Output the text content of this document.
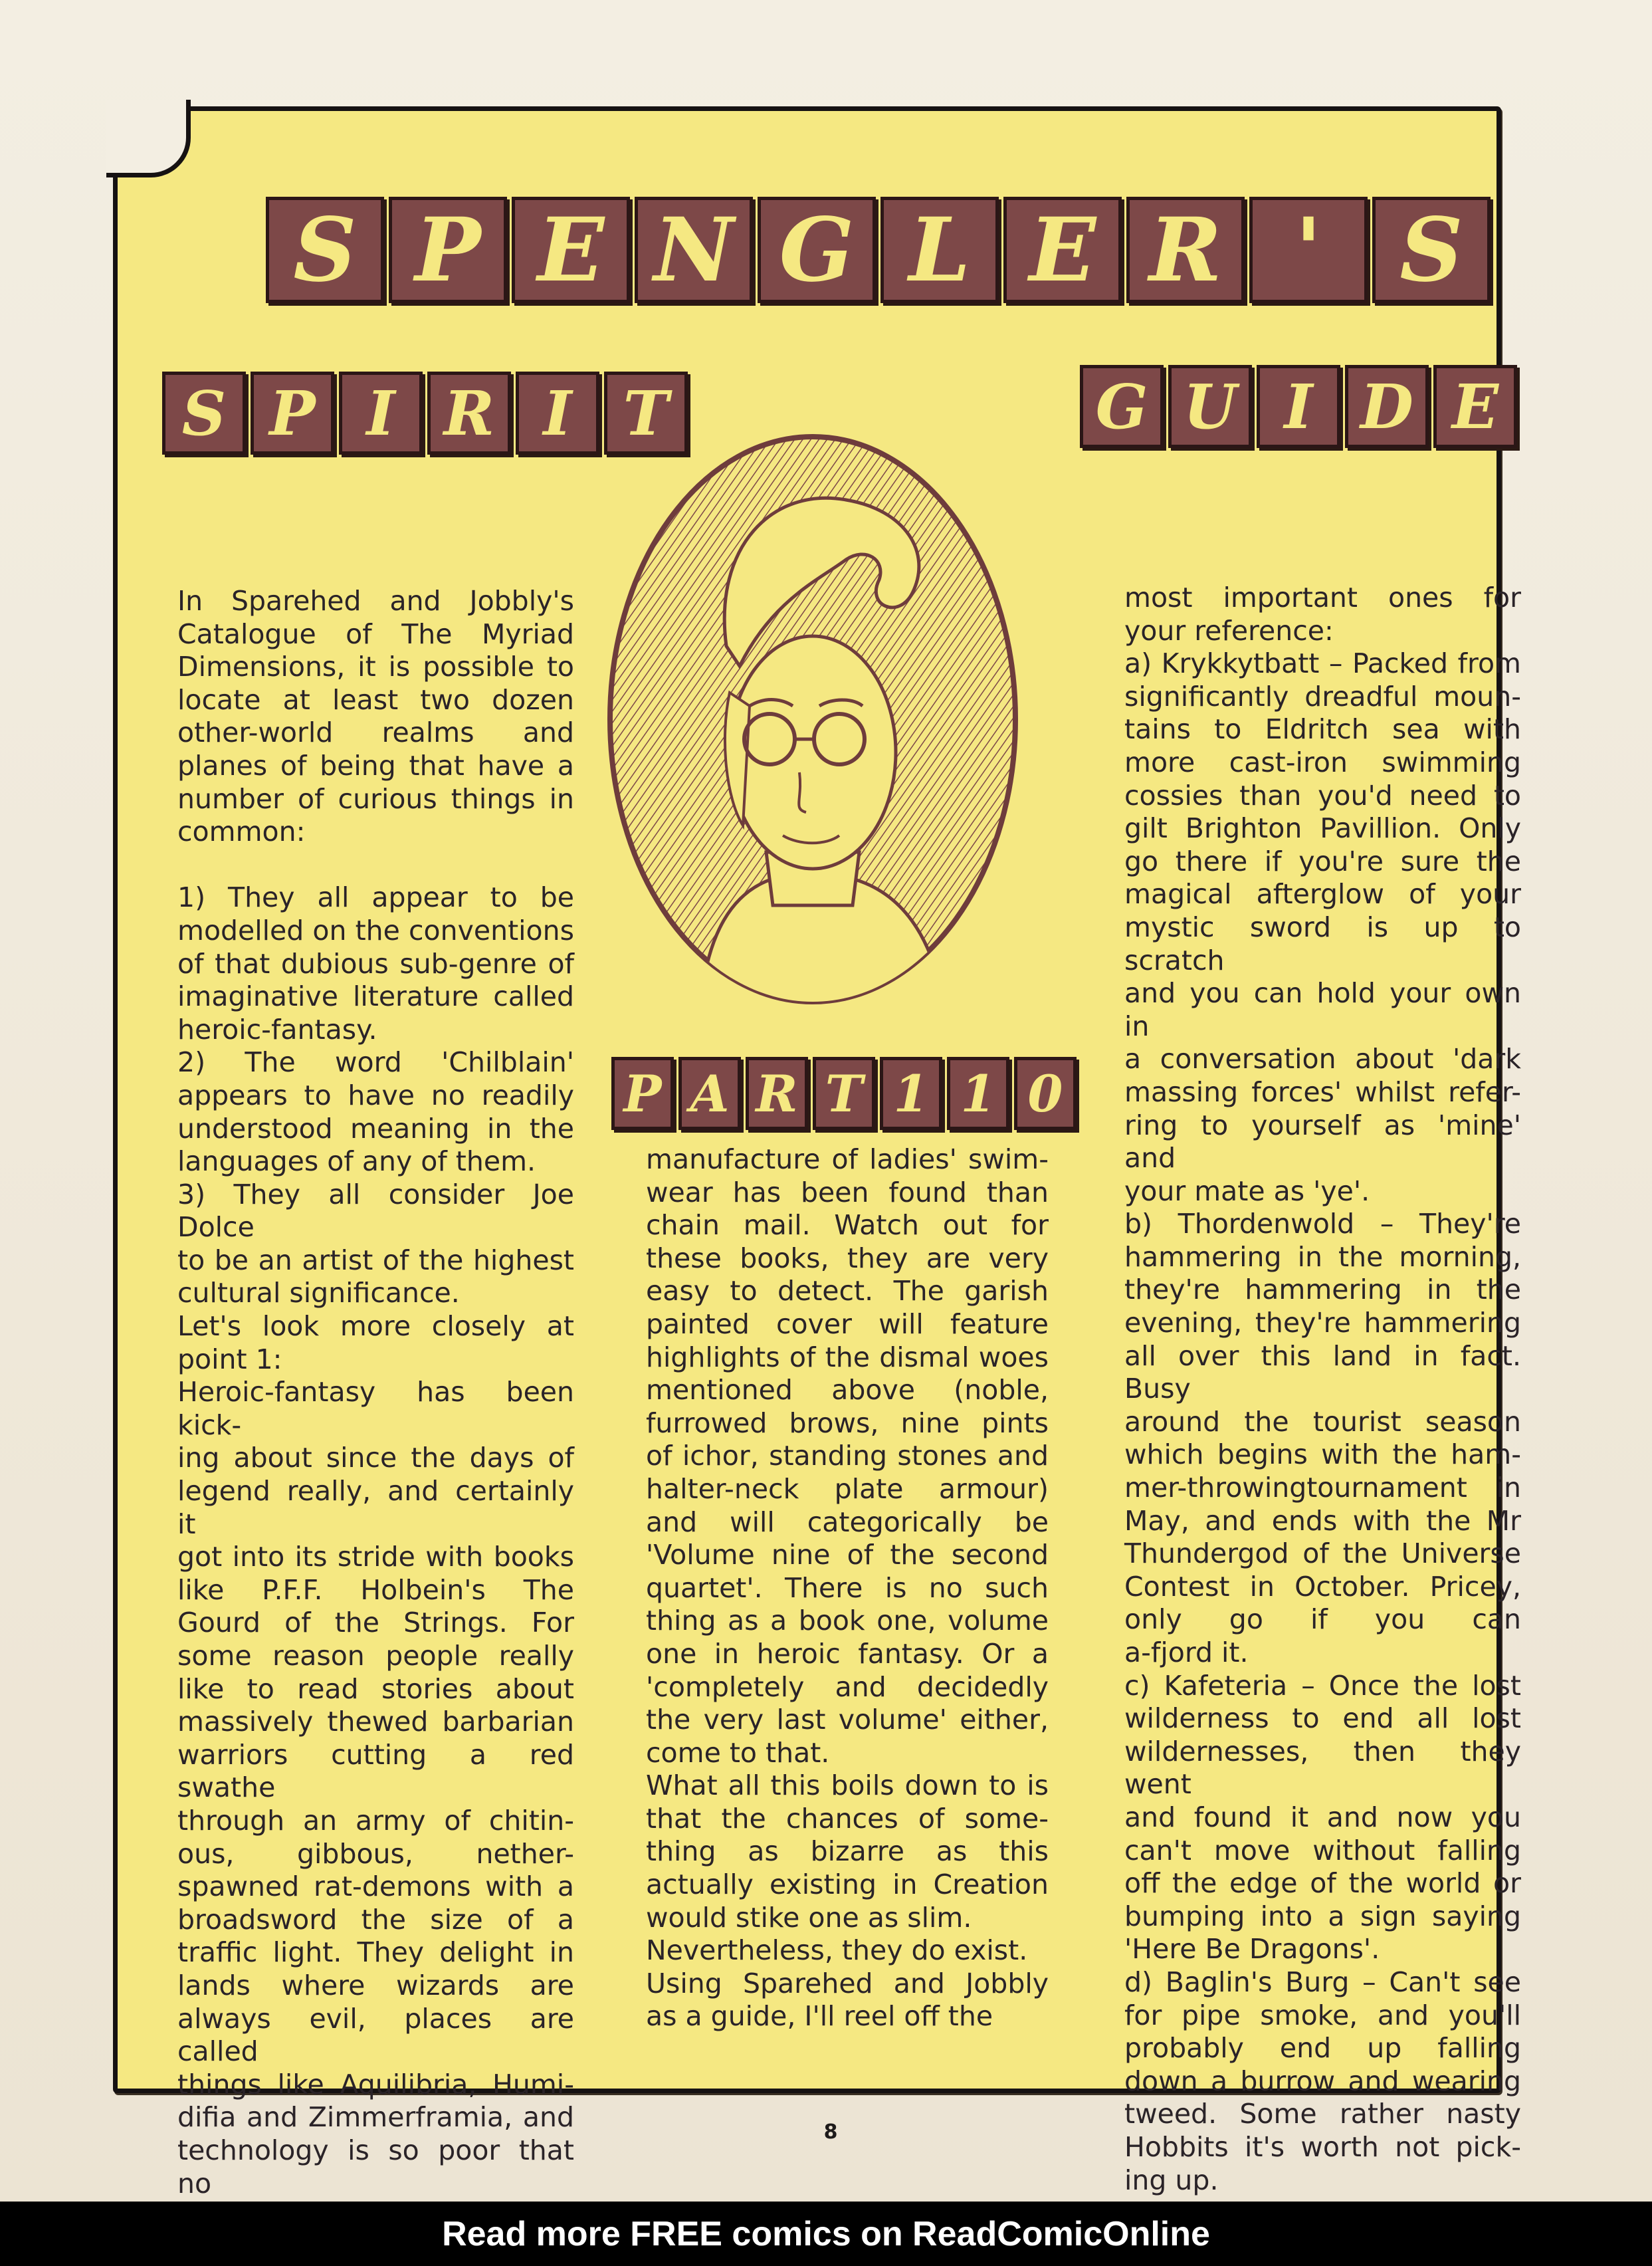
S P E N G L E R ' S
S P I R I T	G U I D E
P A R T 1 1 0

In Sparehed and Jobbly's

Catalogue of The Myriad

Dimensions, it is possible to

locate at least two dozen

other-world realms and

planes of being that have a

number of curious things in

common:

1) They all appear to be

modelled on the conventions

of that dubious sub-genre of

imaginative literature called

heroic-fantasy.

2) The word 'Chilblain'

appears to have no readily

understood meaning in the

languages of any of them.

3) They all consider Joe Dolce

to be an artist of the highest

cultural significance.

Let's look more closely at

point 1:

Heroic-fantasy has been kick-

ing about since the days of

legend really, and certainly it

got into its stride with books

like P.F.F. Holbein's The

Gourd of the Strings. For

some reason people really

like to read stories about

massively thewed barbarian

warriors cutting a red swathe

through an army of chitin-

ous, gibbous, nether-

spawned rat-demons with a

broadsword the size of a

traffic light. They delight in

lands where wizards are

always evil, places are called

things like Aquilibria, Humi-

difia and Zimmerframia, and

technology is so poor that no

manufacture of ladies' swim-

wear has been found than

chain mail. Watch out for

these books, they are very

easy to detect. The garish

painted cover will feature

highlights of the dismal woes

mentioned above (noble,

furrowed brows, nine pints

of ichor, standing stones and

halter-neck plate armour)

and will categorically be

'Volume nine of the second

quartet'. There is no such

thing as a book one, volume

one in heroic fantasy. Or a

'completely and decidedly

the very last volume' either,

come to that.

What all this boils down to is

that the chances of some-

thing as bizarre as this

actually existing in Creation

would stike one as slim.

Nevertheless, they do exist.

Using Sparehed and Jobbly

as a guide, I'll reel off the

most important ones for

your reference:

a) Krykkytbatt – Packed from

significantly dreadful moun-

tains to Eldritch sea with

more cast-iron swimming

cossies than you'd need to

gilt Brighton Pavillion. Only

go there if you're sure the

magical afterglow of your

mystic sword is up to scratch

and you can hold your own in

a conversation about 'dark

massing forces' whilst refer-

ring to yourself as 'mine' and

your mate as 'ye'.

b) Thordenwold – They're

hammering in the morning,

they're hammering in the

evening, they're hammering

all over this land in fact. Busy

around the tourist season

which begins with the ham-

mer-throwingtournament in

May, and ends with the Mr

Thundergod of the Universe

Contest in October. Pricey,

only go if you can

a-fjord it.

c) Kafeteria – Once the lost

wilderness to end all lost

wildernesses, then they went

and found it and now you

can't move without falling

off the edge of the world or

bumping into a sign saying

'Here Be Dragons'.

d) Baglin's Burg – Can't see

for pipe smoke, and you'll

probably end up falling

down a burrow and wearing

tweed. Some rather nasty

Hobbits it's worth not pick-

ing up.

8
Read more FREE comics on ReadComicOnline
